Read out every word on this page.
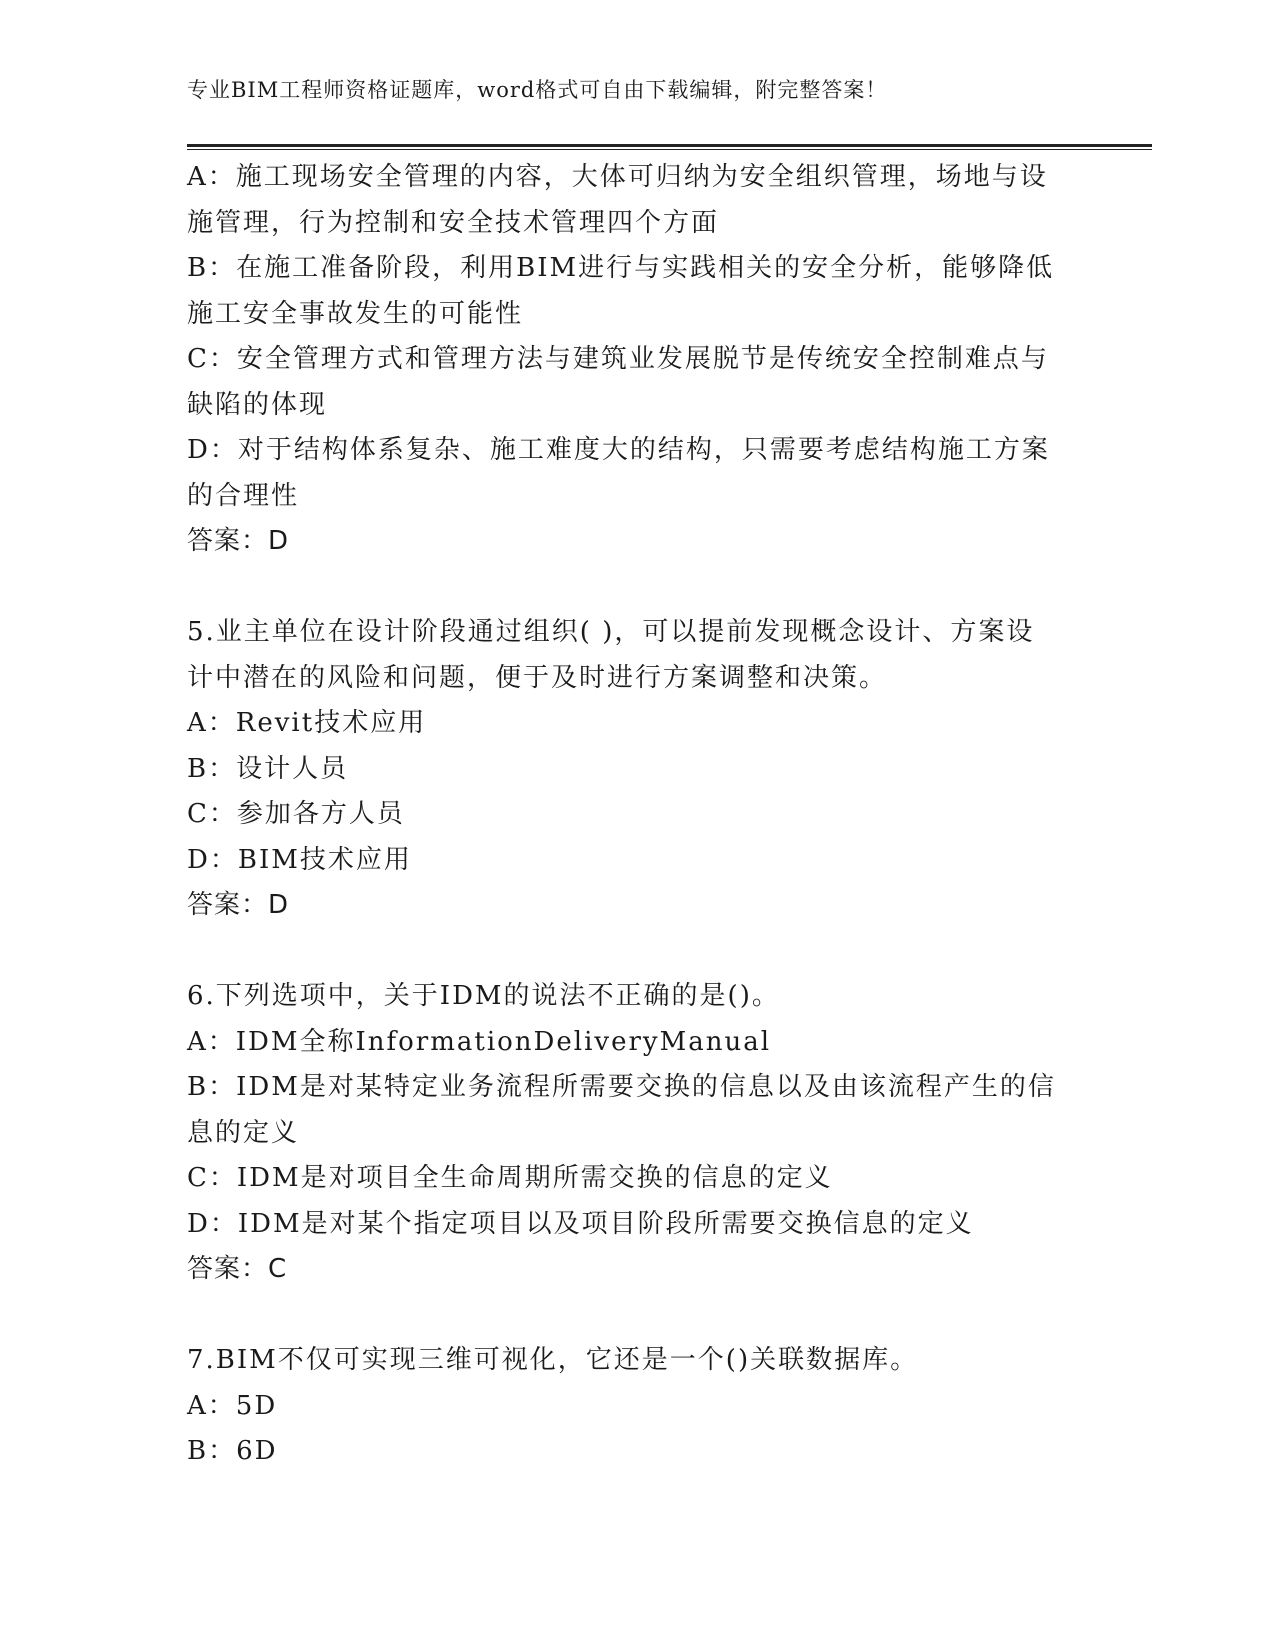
专业BIM工程师资格证题库，word格式可自由下载编辑，附完整答案！
A：施工现场安全管理的内容，大体可归纳为安全组织管理，场地与设
施管理，行为控制和安全技术管理四个方面
B：在施工准备阶段，利用BIM进行与实践相关的安全分析，能够降低
施工安全事故发生的可能性
C：安全管理方式和管理方法与建筑业发展脱节是传统安全控制难点与
缺陷的体现
D：对于结构体系复杂、施工难度大的结构，只需要考虑结构施工方案
的合理性
答案：D
5.业主单位在设计阶段通过组织( )，可以提前发现概念设计、方案设
计中潜在的风险和问题，便于及时进行方案调整和决策。
A：Revit技术应用
B：设计人员
C：参加各方人员
D：BIM技术应用
答案：D
6.下列选项中，关于IDM的说法不正确的是()。
A：IDM全称InformationDeliveryManual
B：IDM是对某特定业务流程所需要交换的信息以及由该流程产生的信
息的定义
C：IDM是对项目全生命周期所需交换的信息的定义
D：IDM是对某个指定项目以及项目阶段所需要交换信息的定义
答案：C
7.BIM不仅可实现三维可视化，它还是一个()关联数据库。
A：5D
B：6D
